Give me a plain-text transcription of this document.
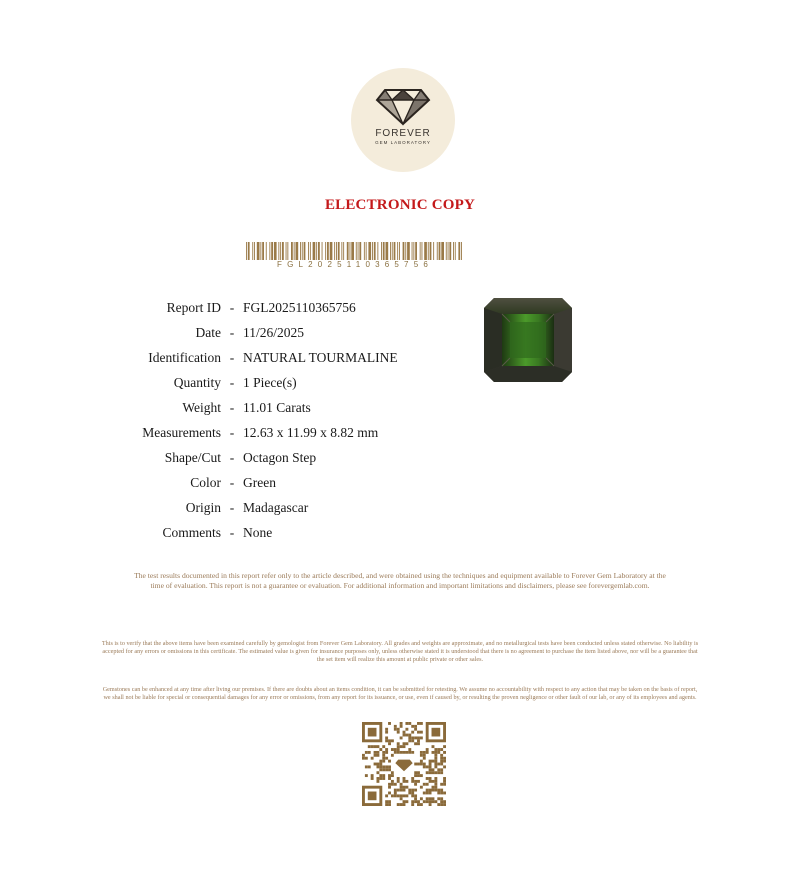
FOREVER
GEM LABORATORY
ELECTRONIC COPY
FGL2025110365756
Report ID - FGL2025110365756
Date - 11/26/2025
Identification - NATURAL TOURMALINE
Quantity - 1 Piece(s)
Weight - 11.01 Carats
Measurements - 12.63 x 11.99 x 8.82 mm
Shape/Cut - Octagon Step
Color - Green
Origin - Madagascar
Comments - None
The test results documented in this report refer only to the article described, and were obtained using the techniques and equipment available to Forever Gem Laboratory at the time of evaluation. This report is not a guarantee or evaluation. For additional information and important limitations and disclaimers, please see forevergemlab.com.
This is to verify that the above items have been examined carefully by gemologist from Forever Gem Laboratory. All grades and weights are approximate, and no metallurgical tests have been conducted unless stated otherwise. No liability is accepted for any errors or omissions in this certificate. The estimated value is given for insurance purposes only, unless otherwise stated it is understood that there is no agreement to purchase the item listed above, nor will be a guarantee that the set item will realize this amount at public private or other sales.
Gemstones can be enhanced at any time after living our premises. If there are doubts about an items condition, it can be submitted for retesting. We assume no accountability with respect to any action that may be taken on the basis of report, we shall not be liable for special or consequential damages for any error or omissions, from any report for its issuance, or use, even if caused by, or resulting the proven negligence or other fault of our lab, or any of its employees and agents.
